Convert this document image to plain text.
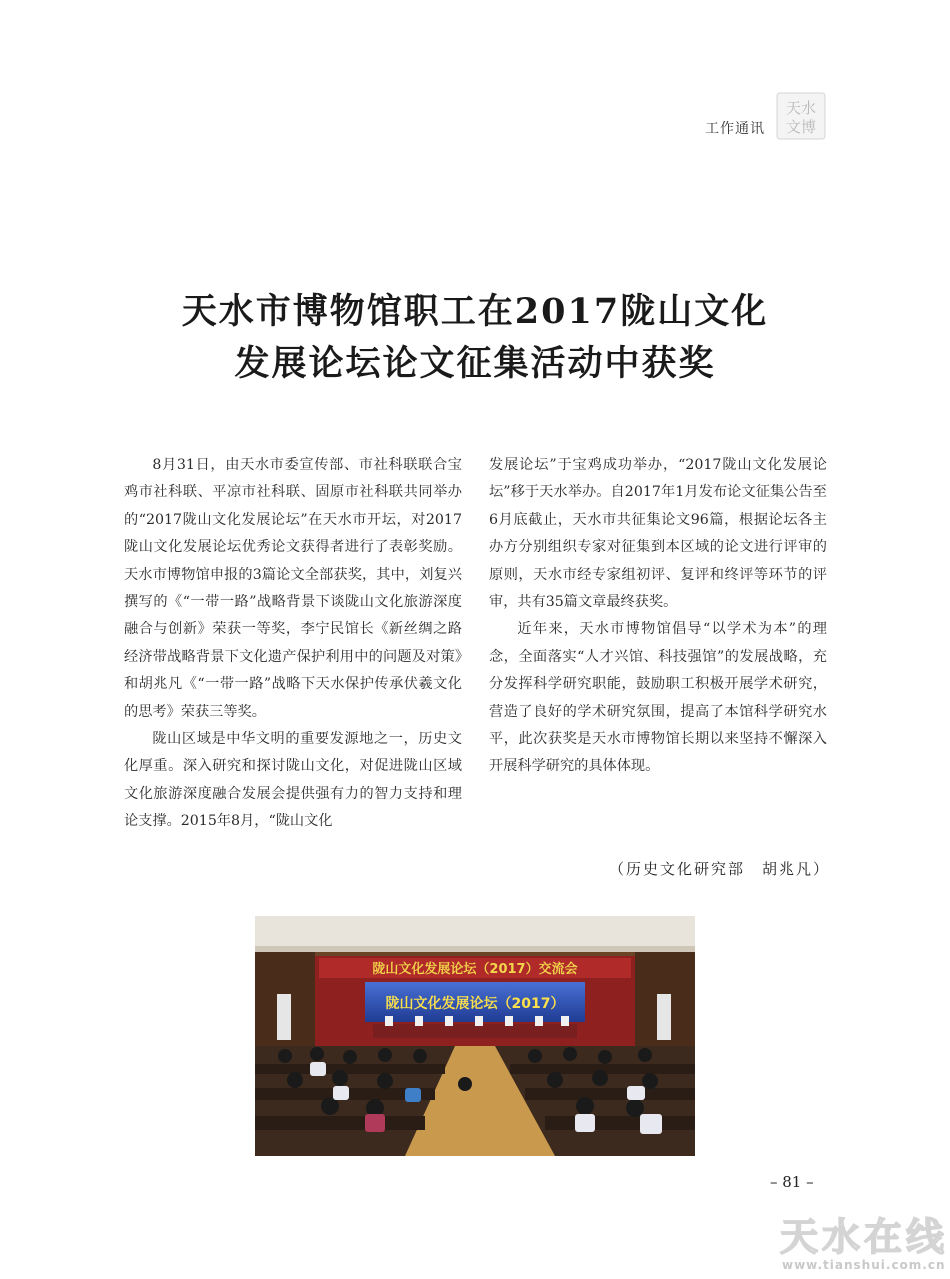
工作通讯
天水
文博
天水市博物馆职工在2017陇山文化
发展论坛论文征集活动中获奖

8月31日，由天水市委宣传部、市社科联联合宝鸡市社科联、平凉市社科联、固原市社科联共同举办的“2017陇山文化发展论坛”在天水市开坛，对2017陇山文化发展论坛优秀论文获得者进行了表彰奖励。天水市博物馆申报的3篇论文全部获奖，其中，刘复兴撰写的《“一带一路”战略背景下谈陇山文化旅游深度融合与创新》荣获一等奖，李宁民馆长《新丝绸之路经济带战略背景下文化遗产保护利用中的问题及对策》和胡兆凡《“一带一路”战略下天水保护传承伏羲文化的思考》荣获三等奖。

陇山区域是中华文明的重要发源地之一，历史文化厚重。深入研究和探讨陇山文化，对促进陇山区域文化旅游深度融合发展会提供强有力的智力支持和理论支撑。2015年8月，“陇山文化

发展论坛”于宝鸡成功举办，“2017陇山文化发展论坛”移于天水举办。自2017年1月发布论文征集公告至6月底截止，天水市共征集论文96篇，根据论坛各主办方分别组织专家对征集到本区域的论文进行评审的原则，天水市经专家组初评、复评和终评等环节的评审，共有35篇文章最终获奖。

近年来，天水市博物馆倡导“以学术为本”的理念，全面落实“人才兴馆、科技强馆”的发展战略，充分发挥科学研究职能，鼓励职工积极开展学术研究，营造了良好的学术研究氛围，提高了本馆科学研究水平，此次获奖是天水市博物馆长期以来坚持不懈深入开展科学研究的具体体现。

（历史文化研究部　胡兆凡）
陇山文化发展论坛（2017）交流会
陇山文化发展论坛（2017）
– 81 –
天水在线
www.tianshui.com.cn
